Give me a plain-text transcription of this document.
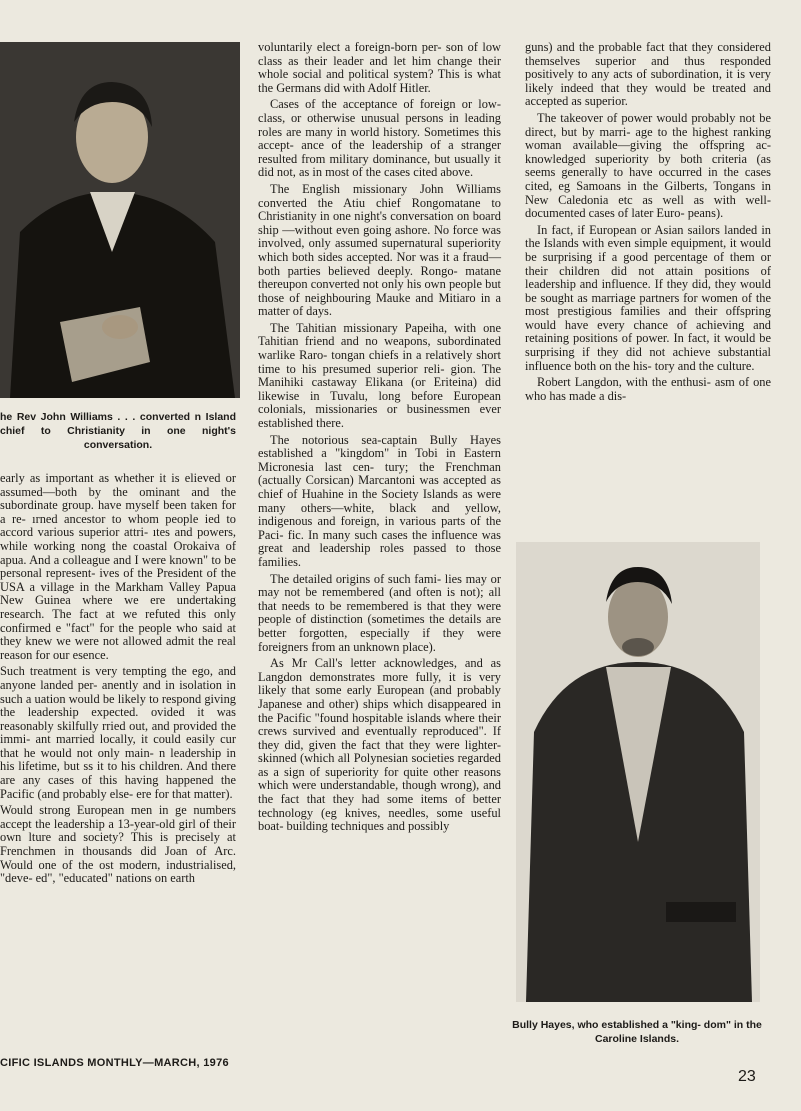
he Rev John Williams . . . converted n Island chief to Christianity in one night's conversation.

early as important as whether it is elieved or assumed—both by the ominant and the subordinate group. have myself been taken for a re- ırned ancestor to whom people ied to accord various superior attri- ıtes and powers, while working nong the coastal Orokaiva of apua. And a colleague and I were known" to be personal represent- ives of the President of the USA a village in the Markham Valley Papua New Guinea where we ere undertaking research. The fact at we refuted this only confirmed e "fact" for the people who said at they knew we were not allowed admit the real reason for our esence.

Such treatment is very tempting the ego, and anyone landed per- anently and in isolation in such a uation would be likely to respond giving the leadership expected. ovided it was reasonably skilfully rried out, and provided the immi- ant married locally, it could easily cur that he would not only main- n leadership in his lifetime, but ss it to his children. And there are any cases of this having happened the Pacific (and probably else- ere for that matter).

Would strong European men in ge numbers accept the leadership a 13-year-old girl of their own lture and society? This is precisely at Frenchmen in thousands did Joan of Arc. Would one of the ost modern, industrialised, "deve- ed", "educated" nations on earth

voluntarily elect a foreign-born per- son of low class as their leader and let him change their whole social and political system? This is what the Germans did with Adolf Hitler.

Cases of the acceptance of foreign or low-class, or otherwise unusual persons in leading roles are many in world history. Sometimes this accept- ance of the leadership of a stranger resulted from military dominance, but usually it did not, as in most of the cases cited above.

The English missionary John Williams converted the Atiu chief Rongomatane to Christianity in one night's conversation on board ship —without even going ashore. No force was involved, only assumed supernatural superiority which both sides accepted. Nor was it a fraud— both parties believed deeply. Rongo- matane thereupon converted not only his own people but those of neighbouring Mauke and Mitiaro in a matter of days.

The Tahitian missionary Papeiha, with one Tahitian friend and no weapons, subordinated warlike Raro- tongan chiefs in a relatively short time to his presumed superior reli- gion. The Manihiki castaway Elikana (or Eriteina) did likewise in Tuvalu, long before European colonials, missionaries or businessmen ever established there.

The notorious sea-captain Bully Hayes established a "kingdom" in Tobi in Eastern Micronesia last cen- tury; the Frenchman (actually Corsican) Marcantoni was accepted as chief of Huahine in the Society Islands as were many others—white, black and yellow, indigenous and foreign, in various parts of the Paci- fic. In many such cases the influence was great and leadership roles passed to those families.

The detailed origins of such fami- lies may or may not be remembered (and often is not); all that needs to be remembered is that they were people of distinction (sometimes the details are better forgotten, especially if they were foreigners from an unknown place).

As Mr Call's letter acknowledges, and as Langdon demonstrates more fully, it is very likely that some early European (and probably Japanese and other) ships which disappeared in the Pacific "found hospitable islands where their crews survived and eventually reproduced". If they did, given the fact that they were lighter-skinned (which all Polynesian societies regarded as a sign of superiority for quite other reasons which were understandable, though wrong), and the fact that they had some items of better technology (eg knives, needles, some useful boat- building techniques and possibly

guns) and the probable fact that they considered themselves superior and thus responded positively to any acts of subordination, it is very likely indeed that they would be treated and accepted as superior.

The takeover of power would probably not be direct, but by marri- age to the highest ranking woman available—giving the offspring ac- knowledged superiority by both criteria (as seems generally to have occurred in the cases cited, eg Samoans in the Gilberts, Tongans in New Caledonia etc as well as with well-documented cases of later Euro- peans).

In fact, if European or Asian sailors landed in the Islands with even simple equipment, it would be surprising if a good percentage of them or their children did not attain positions of leadership and influence. If they did, they would be sought as marriage partners for women of the most prestigious families and their offspring would have every chance of achieving and retaining positions of power. In fact, it would be surprising if they did not achieve substantial influence both on the his- tory and the culture.

Robert Langdon, with the enthusi- asm of one who has made a dis-

Bully Hayes, who established a "king- dom" in the Caroline Islands.
CIFIC ISLANDS MONTHLY—MARCH, 1976
23
